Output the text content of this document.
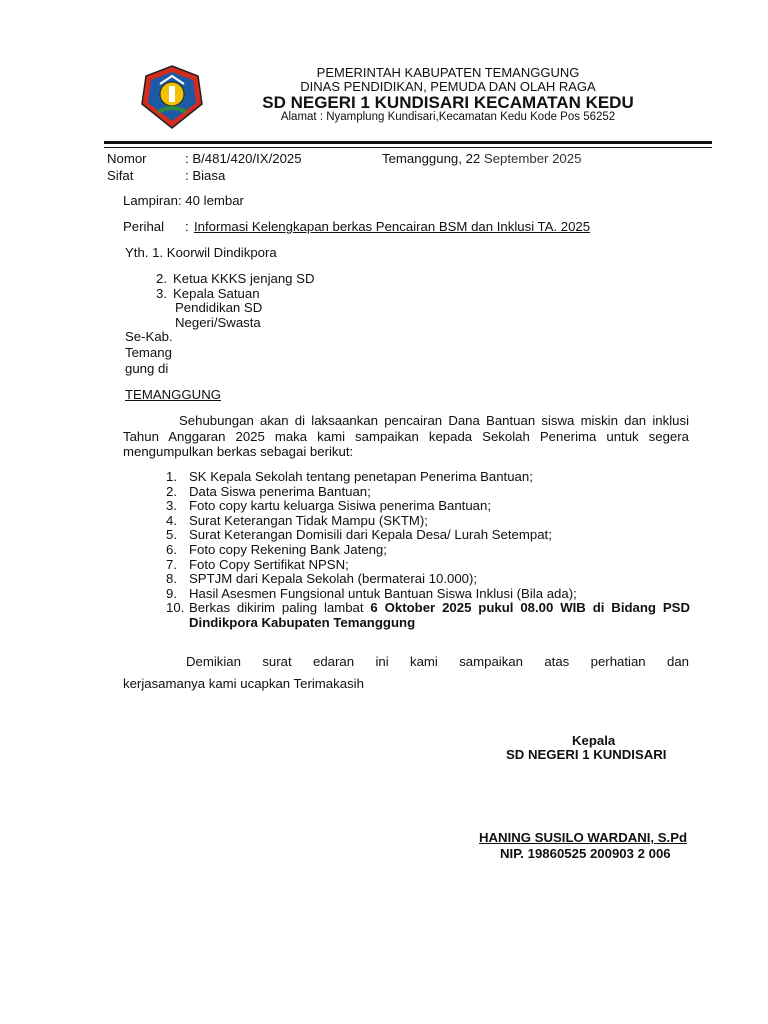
PEMERINTAH KABUPATEN TEMANGGUNG
DINAS PENDIDIKAN, PEMUDA DAN OLAH RAGA
SD NEGERI 1 KUNDISARI KECAMATAN KEDU
Alamat : Nyamplung Kundisari,Kecamatan Kedu Kode Pos 56252
Nomor	: B/481/420/IX/2025	Temanggung, 22 September 2025
Sifat	: Biasa
Lampiran: 40 lembar
Perihal : Informasi Kelengkapan berkas Pencairan BSM dan Inklusi TA. 2025
Yth. 1. Koorwil Dindikpora
2. Ketua KKKS jenjang SD
3. Kepala Satuan
Pendidikan SD
Negeri/Swasta
Se-Kab.
Temang
gung di
TEMANGGUNG
Sehubungan akan di laksaankan pencairan Dana Bantuan siswa miskin dan inklusi Tahun Anggaran 2025 maka kami sampaikan kepada Sekolah Penerima untuk segera mengumpulkan berkas sebagai berikut:
1. SK Kepala Sekolah tentang penetapan Penerima Bantuan;
2. Data Siswa penerima Bantuan;
3. Foto copy kartu keluarga Sisiwa penerima Bantuan;
4. Surat Keterangan Tidak Mampu (SKTM);
5. Surat Keterangan Domisili dari Kepala Desa/ Lurah Setempat;
6. Foto copy Rekening Bank Jateng;
7. Foto Copy Sertifikat NPSN;
8. SPTJM dari Kepala Sekolah (bermaterai 10.000);
9. Hasil Asesmen Fungsional untuk Bantuan Siswa Inklusi (Bila ada);
10. Berkas dikirim paling lambat 6 Oktober 2025 pukul 08.00 WIB di Bidang PSD Dindikpora Kabupaten Temanggung
Demikian surat edaran ini kami sampaikan atas perhatian dan
kerjasamanya kami ucapkan Terimakasih
Kepala
SD NEGERI 1 KUNDISARI
HANING SUSILO WARDANI, S.Pd
NIP. 19860525 200903 2 006
